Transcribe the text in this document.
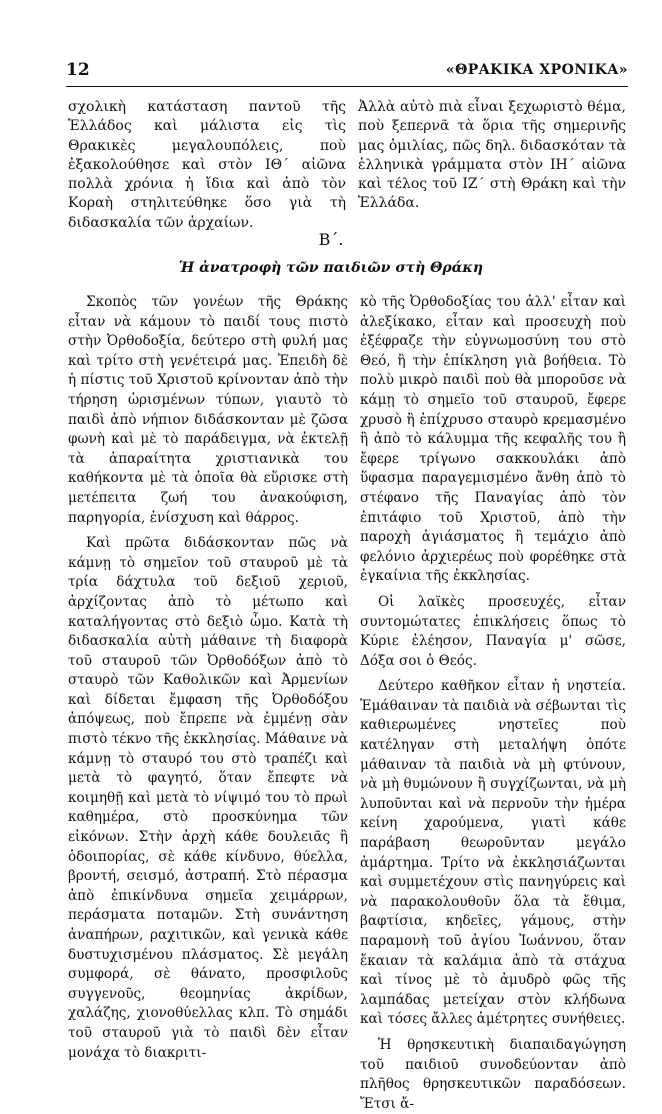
12	«ΘΡΑΚΙΚΑ ΧΡΟΝΙΚΑ»

σχολικὴ κατάσταση παντοῦ τῆς Ἑλλάδος καὶ μάλιστα εἰς τὶς Θρακικὲς μεγαλουπόλεις, ποὺ ἐξακολούθησε καὶ στὸν ΙΘ΄ αἰῶνα πολλὰ χρόνια ἡ ἴδια καὶ ἀπὸ τὸν Κοραὴ στηλιτεύθηκε ὅσο γιὰ τὴ διδασκαλία τῶν ἀρχαίων.

Ἀλλὰ αὐτὸ πιὰ εἶναι ξεχωριστὸ θέμα, ποὺ ξεπερνᾶ τὰ ὅρια τῆς σημερινῆς μας ὁμιλίας, πῶς δηλ. διδασκόταν τὰ ἑλληνικὰ γράμματα στὸν ΙΗ΄ αἰῶνα καὶ τέλος τοῦ ΙΖ΄ στὴ Θράκη καὶ τὴν Ἑλλάδα.

Β΄.
Ἡ ἀνατροφὴ τῶν παιδιῶν στὴ Θράκη

Σκοπὸς τῶν γονέων τῆς Θράκης εἶταν νὰ κάμουν τὸ παιδί τους πιστὸ στὴν Ὀρθοδοξία, δεύτερο στὴ φυλή μας καὶ τρίτο στὴ γενέτειρά μας. Ἐπειδὴ δὲ ἡ πίστις τοῦ Χριστοῦ κρίνονταν ἀπὸ τὴν τήρηση ὡρισμένων τύπων, γιαυτὸ τὸ παιδὶ ἀπὸ νήπιον διδάσκονταν μὲ ζῶσα φωνὴ καὶ μὲ τὸ παράδειγμα, νὰ ἐκτελῇ τὰ ἀπαραίτητα χριστιανικὰ του καθήκοντα μὲ τὰ ὁποῖα θὰ εὕρισκε στὴ μετέπειτα ζωή του ἀνακούφιση, παρηγορία, ἐνίσχυση καὶ θάρρος.

Καὶ πρῶτα διδάσκονταν πῶς νὰ κάμνῃ τὸ σημεῖον τοῦ σταυροῦ μὲ τὰ τρία δάχτυλα τοῦ δεξιοῦ χεριοῦ, ἀρχίζοντας ἀπὸ τὸ μέτωπο καὶ καταλήγοντας στὸ δεξιὸ ὦμο. Κατὰ τὴ διδασκαλία αὐτὴ μάθαινε τὴ διαφορὰ τοῦ σταυροῦ τῶν Ὀρθοδόξων ἀπὸ τὸ σταυρὸ τῶν Καθολικῶν καὶ Ἀρμενίων καὶ δίδεται ἔμφαση τῆς Ὀρθοδόξου ἀπόψεως, ποὺ ἔπρεπε νὰ ἐμμένῃ σὰν πιστὸ τέκνο τῆς ἐκκλησίας. Μάθαινε νὰ κάμνῃ τὸ σταυρό του στὸ τραπέζι καὶ μετὰ τὸ φαγητό, ὅταν ἔπεφτε νὰ κοιμηθῇ καὶ μετὰ τὸ νίψιμό του τὸ πρωὶ καθημέρα, στὸ προσκύνημα τῶν εἰκόνων. Στὴν ἀρχὴ κάθε δουλειᾶς ἢ ὁδοιπορίας, σὲ κάθε κίνδυνο, θύελλα, βροντή, σεισμό, ἀστραπή. Στὸ πέρασμα ἀπὸ ἐπικίνδυνα σημεῖα χειμάρρων, περάσματα ποταμῶν. Στὴ συνάντηση ἀναπήρων, ραχιτικῶν, καὶ γενικὰ κάθε δυστυχισμένου πλάσματος. Σὲ μεγάλη συμφορά, σὲ θάνατο, προσφιλοῦς συγγενοῦς, θεομηνίας ἀκρίδων, χαλάζης, χιονοθύελλας κλπ. Τὸ σημάδι τοῦ σταυροῦ γιὰ τὸ παιδὶ δὲν εἶταν μονάχα τὸ διακριτι-

κὸ τῆς Ὀρθοδοξίας του ἀλλ' εἶταν καὶ ἀλεξίκακο, εἶταν καὶ προσευχὴ ποὺ ἐξέφραζε τὴν εὐγνωμοσύνη του στὸ Θεό, ἢ τὴν ἐπίκληση γιὰ βοήθεια. Τὸ πολὺ μικρὸ παιδὶ ποὺ θὰ μποροῦσε νὰ κάμῃ τὸ σημεῖο τοῦ σταυροῦ, ἔφερε χρυσὸ ἢ ἐπίχρυσο σταυρὸ κρεμασμένο ἢ ἀπὸ τὸ κάλυμμα τῆς κεφαλῆς του ἢ ἔφερε τρίγωνο σακκουλάκι ἀπὸ ὕφασμα παραγεμισμένο ἄνθη ἀπὸ τὸ στέφανο τῆς Παναγίας ἀπὸ τὸν ἐπιτάφιο τοῦ Χριστοῦ, ἀπὸ τὴν παροχὴ ἁγιάσματος ἢ τεμάχιο ἀπὸ φελόνιο ἀρχιερέως ποὺ φορέθηκε στὰ ἐγκαίνια τῆς ἐκκλησίας.

Οἱ λαϊκὲς προσευχές, εἶταν συντομώτατες ἐπικλήσεις ὅπως τὸ Κύριε ἐλέησον, Παναγία μ' σῶσε, Δόξα σοι ὁ Θεός.

Δεύτερο καθῆκον εἶταν ἡ νηστεία. Ἐμάθαιναν τὰ παιδιὰ νὰ σέβωνται τὶς καθιερωμένες νηστεῖες ποὺ κατέληγαν στὴ μεταλήψη ὁπότε μάθαιναν τὰ παιδιὰ νὰ μὴ φτύνουν, νὰ μὴ θυμώνουν ἢ συγχίζωνται, νὰ μὴ λυποῦνται καὶ νὰ περνοῦν τὴν ἡμέρα κείνη χαρούμενα, γιατὶ κάθε παράβαση θεωροῦνταν μεγάλο ἁμάρτημα. Τρίτο νὰ ἐκκλησιάζωνται καὶ συμμετέχουν στὶς πανηγύρεις καὶ νὰ παρακολουθοῦν ὅλα τὰ ἔθιμα, βαφτίσια, κηδεῖες, γάμους, στὴν παραμονὴ τοῦ ἁγίου Ἰωάννου, ὅταν ἔκαιαν τὰ καλάμια ἀπὸ τὰ στάχυα καὶ τίνος μὲ τὸ ἀμυδρὸ φῶς τῆς λαμπάδας μετείχαν στὸν κλήδωνα καὶ τόσες ἄλλες ἀμέτρητες συνήθειες.

Ἡ θρησκευτικὴ διαπαιδαγώγηση τοῦ παιδιοῦ συνοδεύονταν ἀπὸ πλῆθος θρησκευτικῶν παραδόσεων. Ἔτσι ἄ-
